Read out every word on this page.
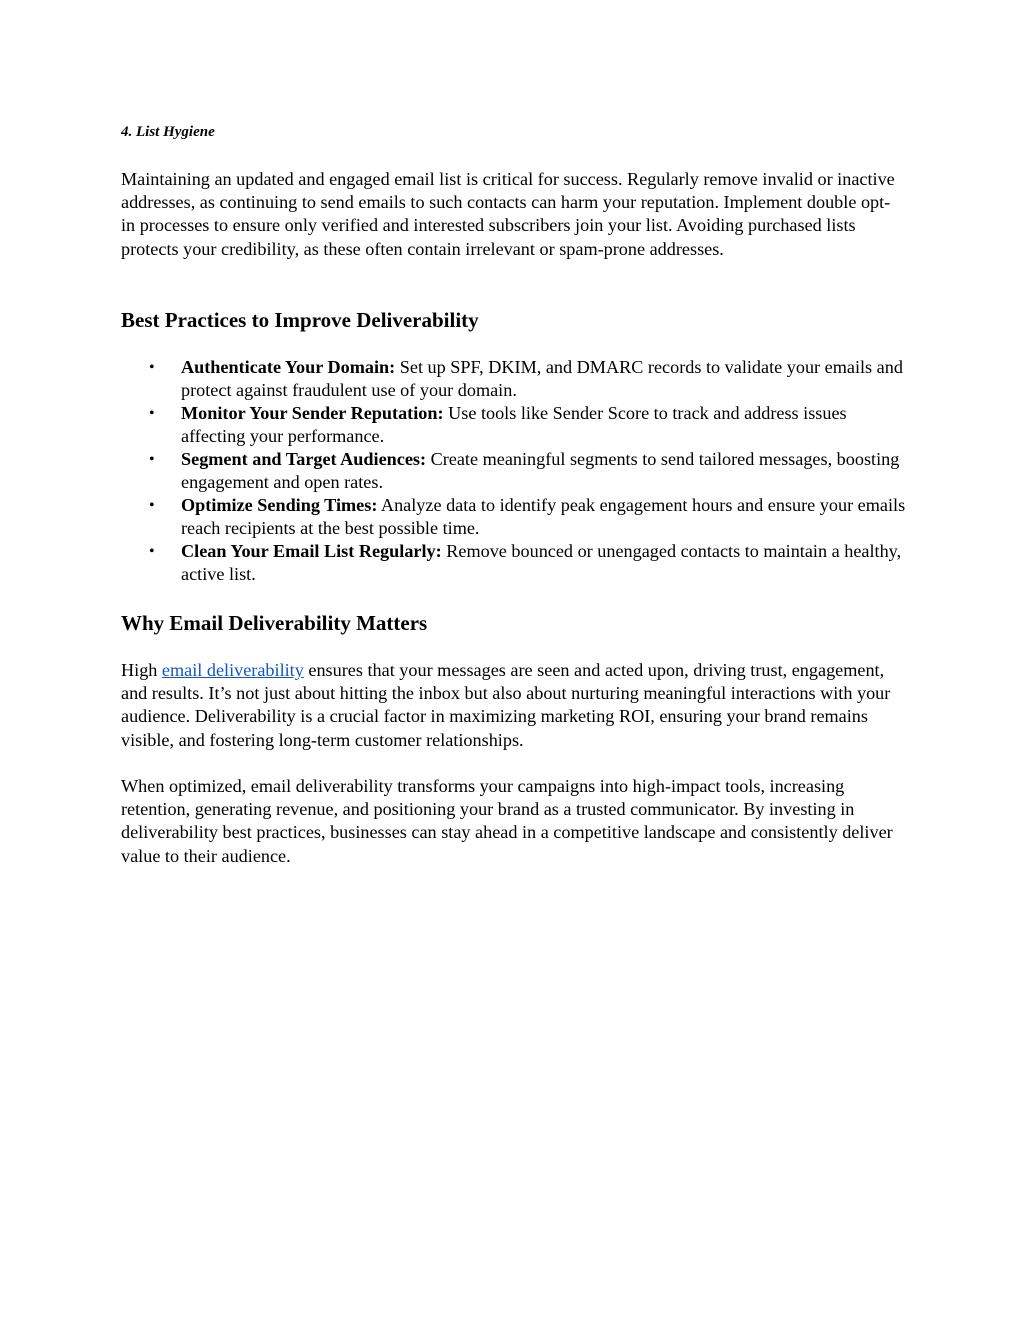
4. List Hygiene

Maintaining an updated and engaged email list is critical for success. Regularly remove invalid or inactive addresses, as continuing to send emails to such contacts can harm your reputation. Implement double opt-in processes to ensure only verified and interested subscribers join your list. Avoiding purchased lists protects your credibility, as these often contain irrelevant or spam-prone addresses.

Best Practices to Improve Deliverability
• Authenticate Your Domain: Set up SPF, DKIM, and DMARC records to validate your emails and protect against fraudulent use of your domain.
• Monitor Your Sender Reputation: Use tools like Sender Score to track and address issues affecting your performance.
• Segment and Target Audiences: Create meaningful segments to send tailored messages, boosting engagement and open rates.
• Optimize Sending Times: Analyze data to identify peak engagement hours and ensure your emails reach recipients at the best possible time.
• Clean Your Email List Regularly: Remove bounced or unengaged contacts to maintain a healthy, active list.
Why Email Deliverability Matters

High email deliverability ensures that your messages are seen and acted upon, driving trust, engagement, and results. It’s not just about hitting the inbox but also about nurturing meaningful interactions with your audience. Deliverability is a crucial factor in maximizing marketing ROI, ensuring your brand remains visible, and fostering long-term customer relationships.

When optimized, email deliverability transforms your campaigns into high-impact tools, increasing retention, generating revenue, and positioning your brand as a trusted communicator. By investing in deliverability best practices, businesses can stay ahead in a competitive landscape and consistently deliver value to their audience.
